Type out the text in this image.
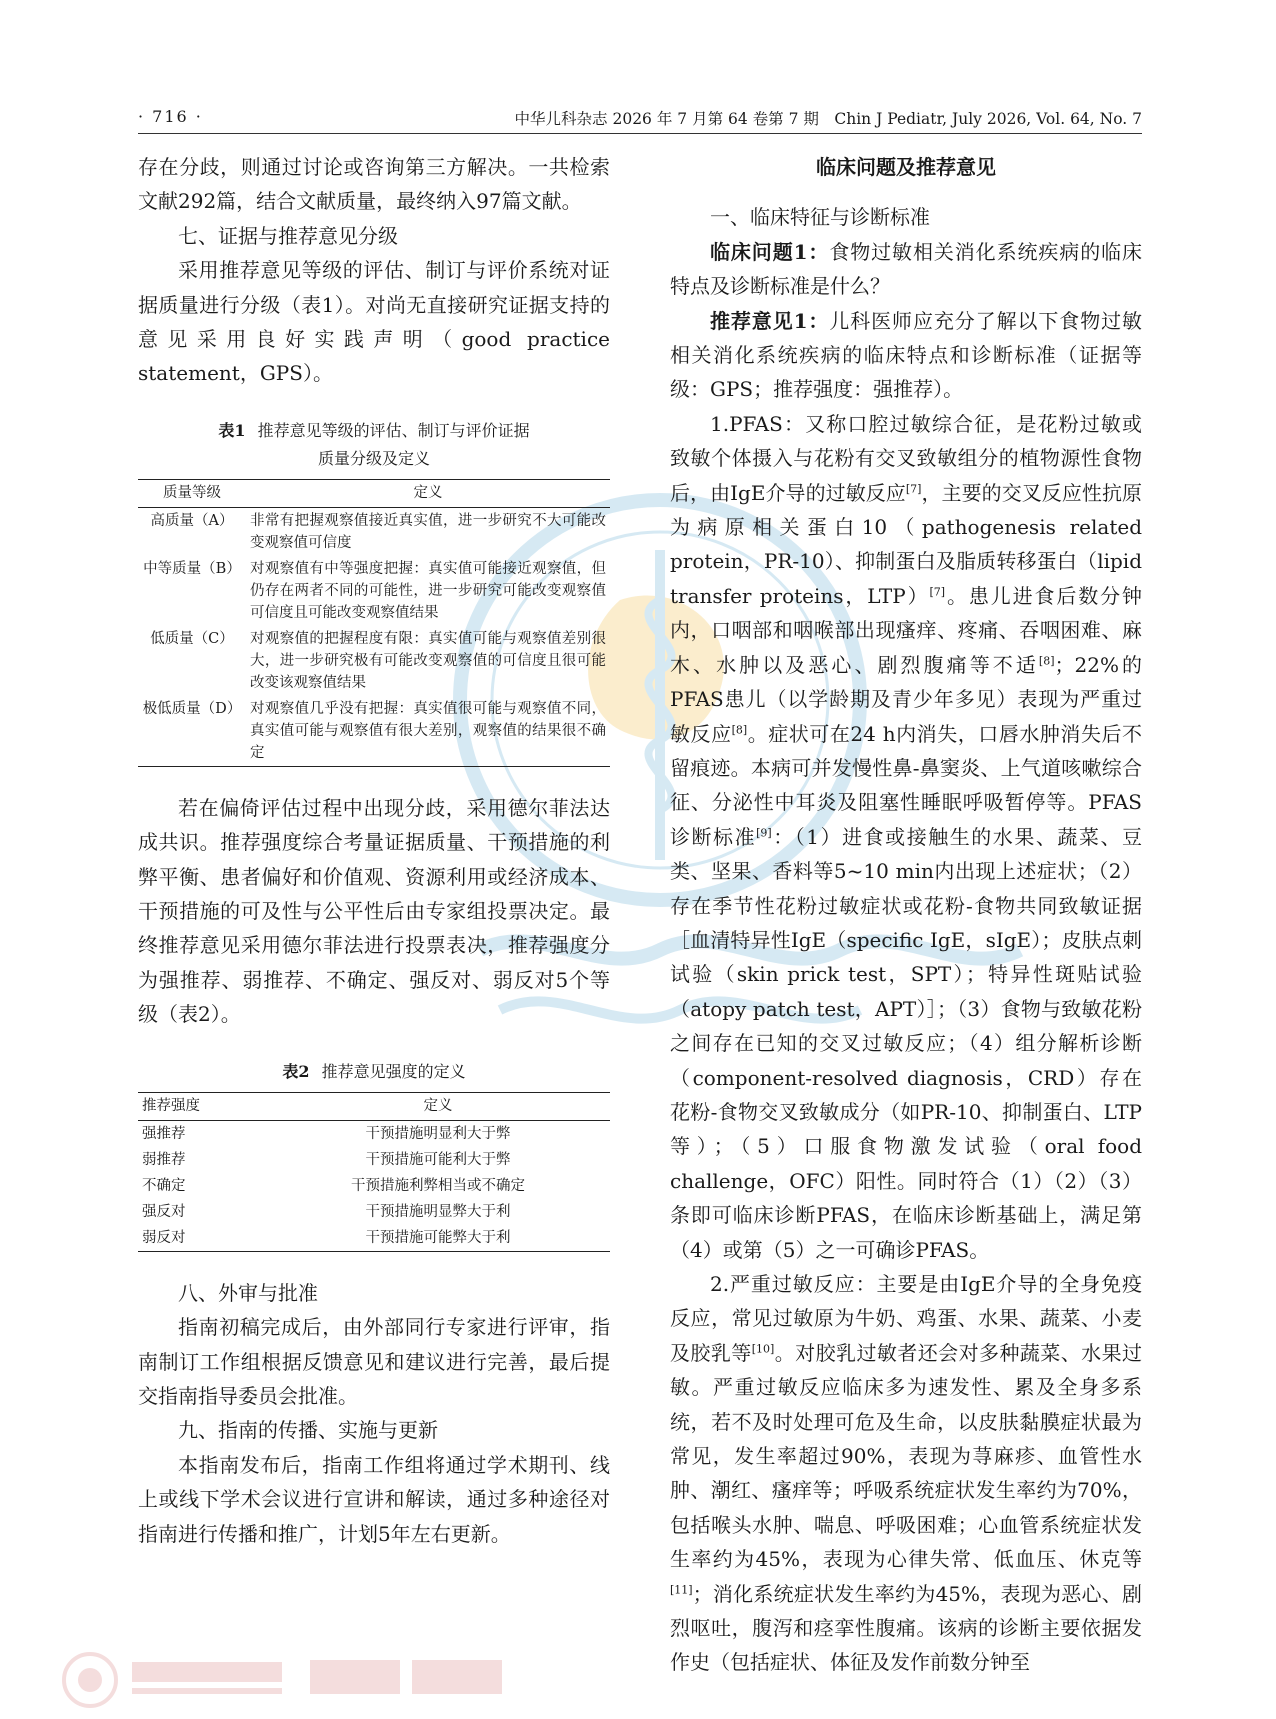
· 716 ·	中华儿科杂志 2026 年 7 月第 64 卷第 7 期　Chin J Pediatr, July 2026, Vol. 64, No. 7

存在分歧，则通过讨论或咨询第三方解决。一共检索文献292篇，结合文献质量，最终纳入97篇文献。

七、证据与推荐意见分级

采用推荐意见等级的评估、制订与评价系统对证据质量进行分级（表1）。对尚无直接研究证据支持的意见采用良好实践声明（good practice statement，GPS）。

表1 推荐意见等级的评估、制订与评价证据
质量分级及定义
质量等级	定义
高质量（A）	非常有把握观察值接近真实值，进一步研究不大可能改变观察值可信度
中等质量（B）	对观察值有中等强度把握：真实值可能接近观察值，但仍存在两者不同的可能性，进一步研究可能改变观察值可信度且可能改变观察值结果
低质量（C）	对观察值的把握程度有限：真实值可能与观察值差别很大，进一步研究极有可能改变观察值的可信度且很可能改变该观察值结果
极低质量（D）	对观察值几乎没有把握：真实值很可能与观察值不同，真实值可能与观察值有很大差别，观察值的结果很不确定

若在偏倚评估过程中出现分歧，采用德尔菲法达成共识。推荐强度综合考量证据质量、干预措施的利弊平衡、患者偏好和价值观、资源利用或经济成本、干预措施的可及性与公平性后由专家组投票决定。最终推荐意见采用德尔菲法进行投票表决，推荐强度分为强推荐、弱推荐、不确定、强反对、弱反对5个等级（表2）。

表2 推荐意见强度的定义
推荐强度	定义
强推荐	干预措施明显利大于弊
弱推荐	干预措施可能利大于弊
不确定	干预措施利弊相当或不确定
强反对	干预措施明显弊大于利
弱反对	干预措施可能弊大于利

八、外审与批准

指南初稿完成后，由外部同行专家进行评审，指南制订工作组根据反馈意见和建议进行完善，最后提交指南指导委员会批准。

九、指南的传播、实施与更新

本指南发布后，指南工作组将通过学术期刊、线上或线下学术会议进行宣讲和解读，通过多种途径对指南进行传播和推广，计划5年左右更新。

临床问题及推荐意见

一、临床特征与诊断标准

临床问题1：食物过敏相关消化系统疾病的临床特点及诊断标准是什么？

推荐意见1：儿科医师应充分了解以下食物过敏相关消化系统疾病的临床特点和诊断标准（证据等级：GPS；推荐强度：强推荐）。

1.PFAS：又称口腔过敏综合征，是花粉过敏或致敏个体摄入与花粉有交叉致敏组分的植物源性食物后，由IgE介导的过敏反应[7]，主要的交叉反应性抗原为病原相关蛋白10（pathogenesis related protein，PR-10）、抑制蛋白及脂质转移蛋白（lipid transfer proteins，LTP）[7]。患儿进食后数分钟内，口咽部和咽喉部出现瘙痒、疼痛、吞咽困难、麻木、水肿以及恶心、剧烈腹痛等不适[8]；22%的PFAS患儿（以学龄期及青少年多见）表现为严重过敏反应[8]。症状可在24 h内消失，口唇水肿消失后不留痕迹。本病可并发慢性鼻-鼻窦炎、上气道咳嗽综合征、分泌性中耳炎及阻塞性睡眠呼吸暂停等。PFAS诊断标准[9]：（1）进食或接触生的水果、蔬菜、豆类、坚果、香料等5~10 min内出现上述症状；（2）存在季节性花粉过敏症状或花粉-食物共同致敏证据［血清特异性IgE（specific IgE，sIgE）；皮肤点刺试验（skin prick test，SPT）；特异性斑贴试验（atopy patch test，APT）］；（3）食物与致敏花粉之间存在已知的交叉过敏反应；（4）组分解析诊断（component-resolved diagnosis，CRD）存在花粉-食物交叉致敏成分（如PR-10、抑制蛋白、LTP等）；（5）口服食物激发试验（oral food challenge，OFC）阳性。同时符合（1）（2）（3）条即可临床诊断PFAS，在临床诊断基础上，满足第（4）或第（5）之一可确诊PFAS。

2.严重过敏反应：主要是由IgE介导的全身免疫反应，常见过敏原为牛奶、鸡蛋、水果、蔬菜、小麦及胶乳等[10]。对胶乳过敏者还会对多种蔬菜、水果过敏。严重过敏反应临床多为速发性、累及全身多系统，若不及时处理可危及生命，以皮肤黏膜症状最为常见，发生率超过90%，表现为荨麻疹、血管性水肿、潮红、瘙痒等；呼吸系统症状发生率约为70%，包括喉头水肿、喘息、呼吸困难；心血管系统症状发生率约为45%，表现为心律失常、低血压、休克等[11]；消化系统症状发生率约为45%，表现为恶心、剧烈呕吐，腹泻和痉挛性腹痛。该病的诊断主要依据发作史（包括症状、体征及发作前数分钟至
